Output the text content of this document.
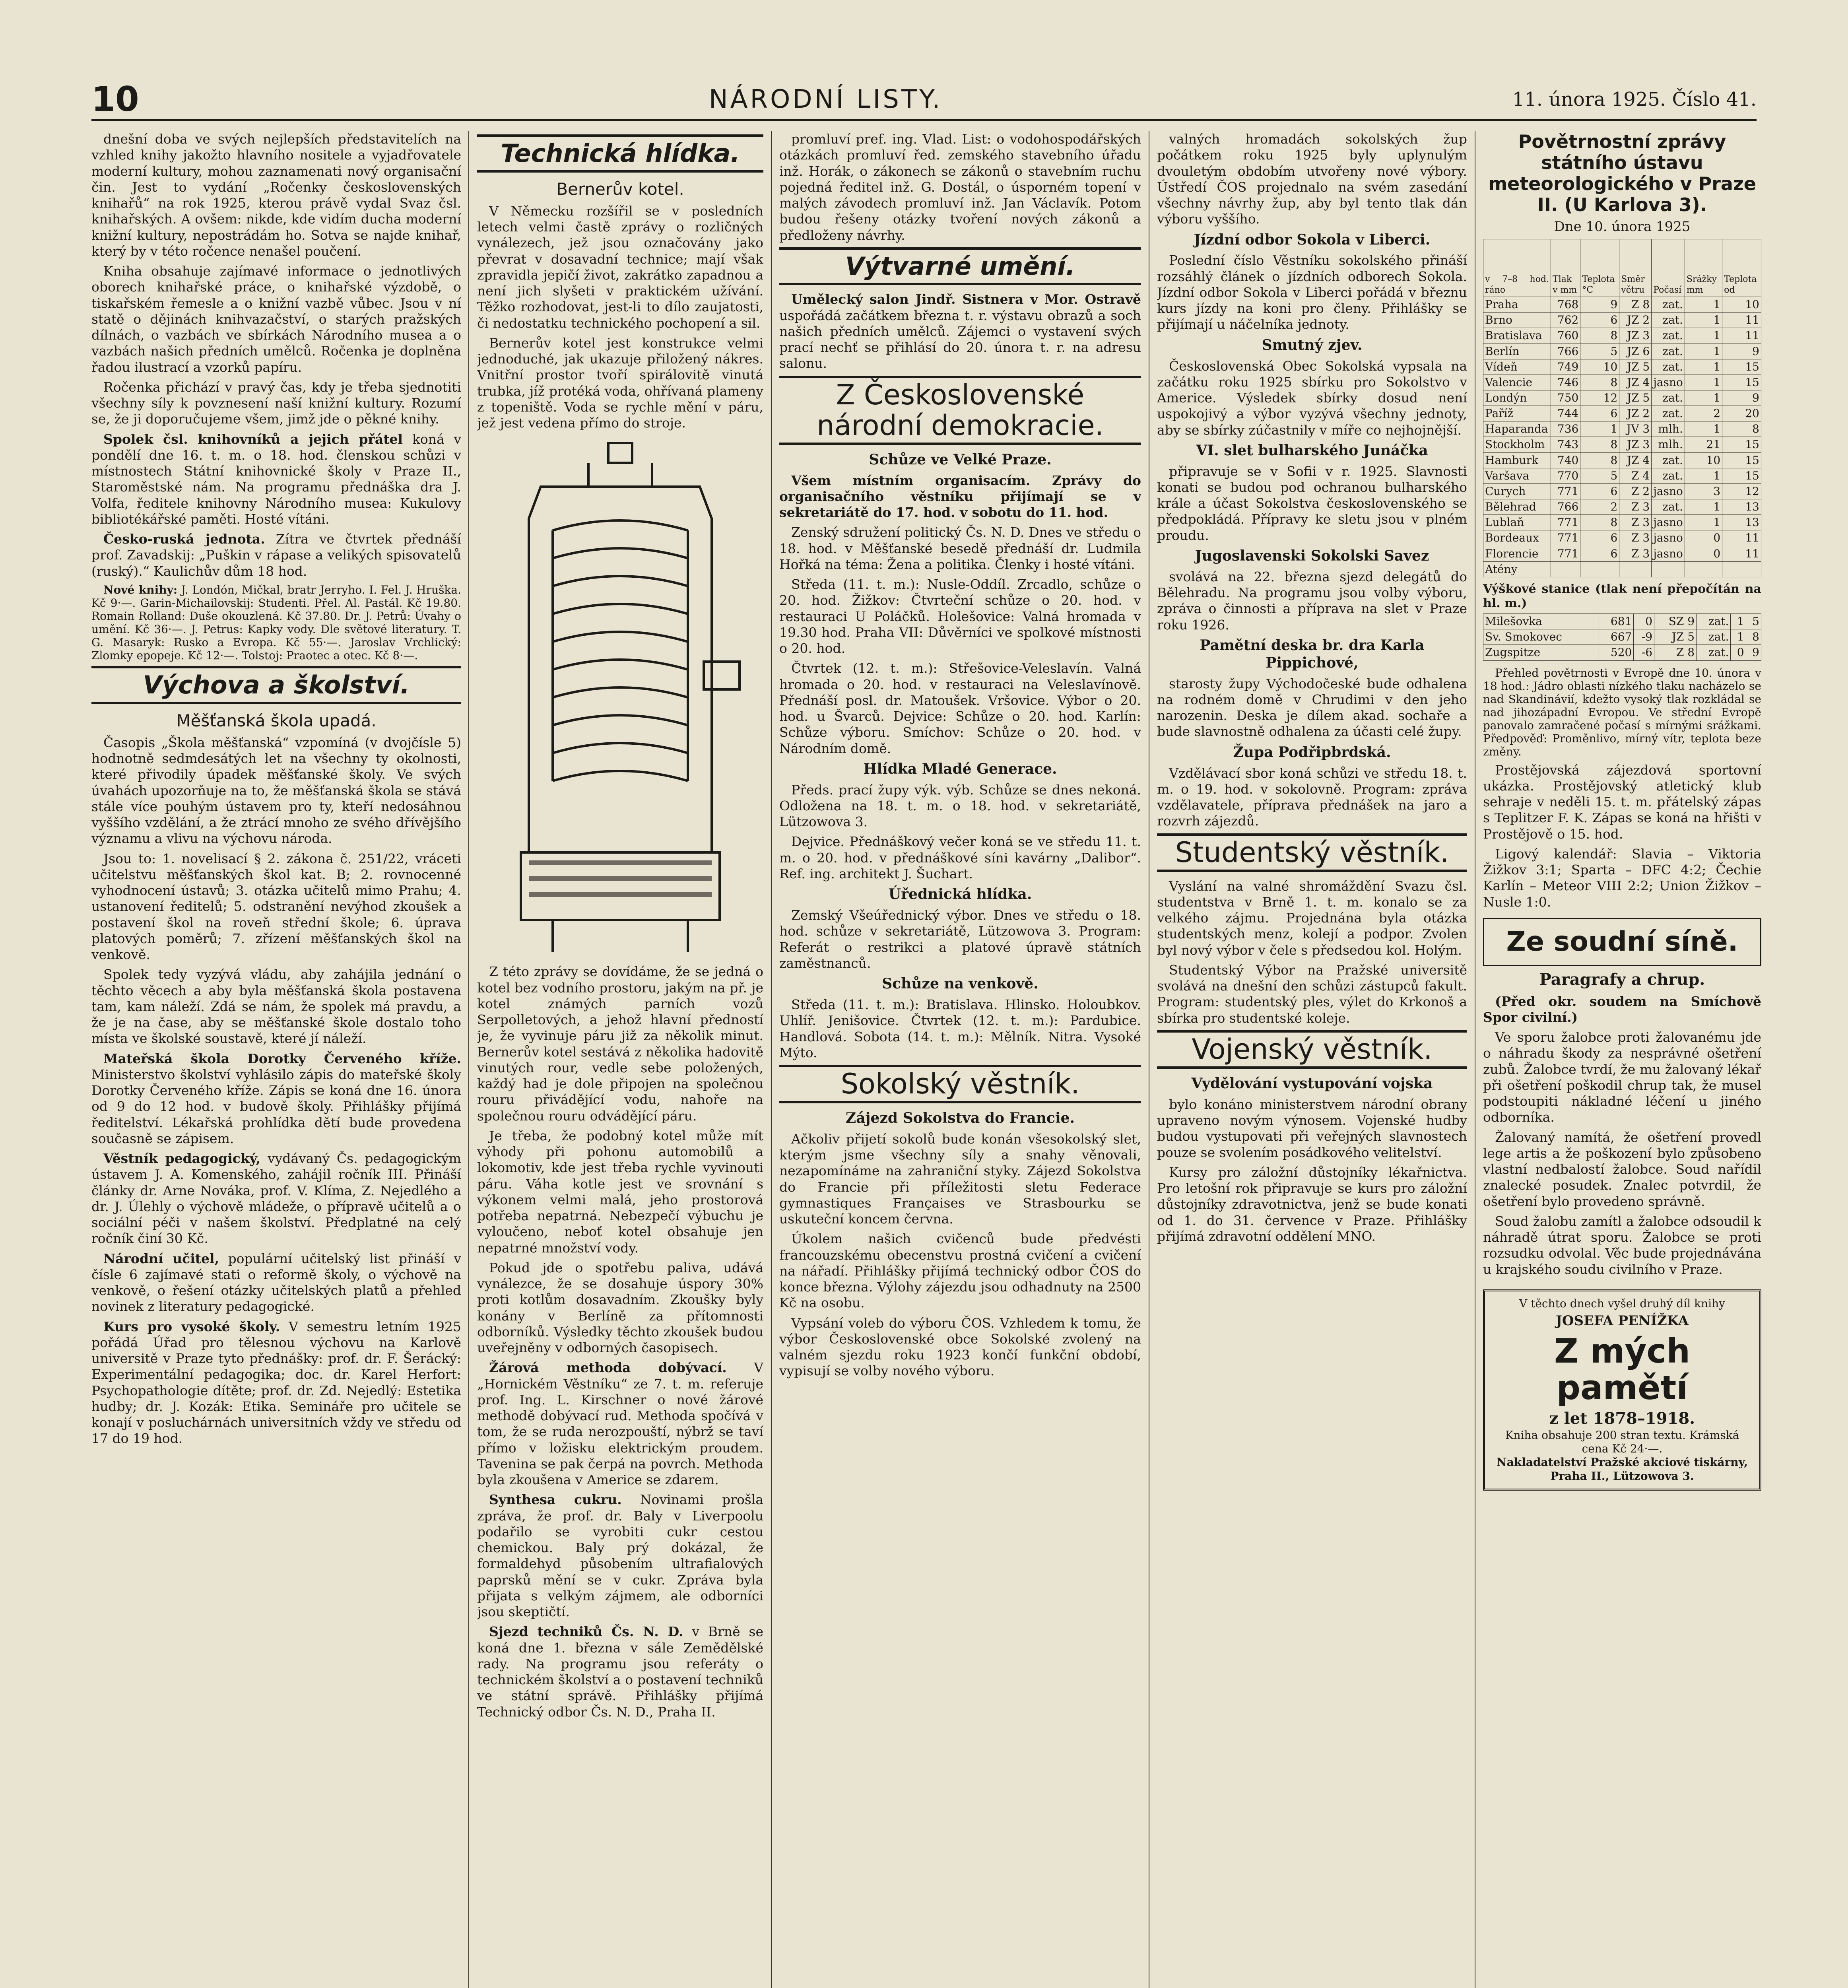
10	NÁRODNÍ LISTY.	11. února 1925. Číslo 41.

dnešní doba ve svých nejlepších představitelích na vzhled knihy jakožto hlavního nositele a vyjadřovatele moderní kultury, mohou zaznamenati nový organisační čin. Jest to vydání „Ročenky československých knihařů“ na rok 1925, kterou právě vydal Svaz čsl. knihařských. A ovšem: nikde, kde vidím ducha moderní knižní kultury, nepostrádám ho. Sotva se najde knihař, který by v této ročence nenašel poučení.

Kniha obsahuje zajímavé informace o jednotlivých oborech knihařské práce, o knihařské výzdobě, o tiskařském řemesle a o knižní vazbě vůbec. Jsou v ní statě o dějinách knihvazačství, o starých pražských dílnách, o vazbách ve sbírkách Národního musea a o vazbách našich předních umělců. Ročenka je doplněna řadou ilustrací a vzorků papíru.

Ročenka přichází v pravý čas, kdy je třeba sjednotiti všechny síly k povznesení naší knižní kultury. Rozumí se, že ji doporučujeme všem, jimž jde o pěkné knihy.

Spolek čsl. knihovníků a jejich přátel koná v pondělí dne 16. t. m. o 18. hod. členskou schůzi v místnostech Státní knihovnické školy v Praze II., Staroměstské nám. Na programu přednáška dra J. Volfa, ředitele knihovny Národního musea: Kukulovy bibliotékářské paměti. Hosté vítáni.

Česko-ruská jednota. Zítra ve čtvrtek přednáší prof. Zavadskij: „Puškin v rápase a velikých spisovatelů (ruský).“ Kaulichův dům 18 hod.

Nové knihy: J. Londón, Mičkal, bratr Jerryho. I. Fel. J. Hruška. Kč 9·—. Garin-Michailovskij: Studenti. Přel. Al. Pastál. Kč 19.80. Romain Rolland: Duše okouzlená. Kč 37.80. Dr. J. Petrů: Úvahy o umění. Kč 36·—. J. Petrus: Kapky vody. Dle světové literatury. T. G. Masaryk: Rusko a Evropa. Kč 55·—. Jaroslav Vrchlický: Zlomky epopeje. Kč 12·—. Tolstoj: Praotec a otec. Kč 8·—.

Výchova a školství.
Měšťanská škola upadá.

Časopis „Škola měšťanská“ vzpomíná (v dvojčísle 5) hodnotně sedmdesátých let na všechny ty okolnosti, které přivodily úpadek měšťanské školy. Ve svých úvahách upozorňuje na to, že měšťanská škola se stává stále více pouhým ústavem pro ty, kteří nedosáhnou vyššího vzdělání, a že ztrácí mnoho ze svého dřívějšího významu a vlivu na výchovu národa.

Jsou to: 1. novelisací § 2. zákona č. 251/22, vráceti učitelstvu měšťanských škol kat. B; 2. rovnocenné vyhodnocení ústavů; 3. otázka učitelů mimo Prahu; 4. ustanovení ředitelů; 5. odstranění nevýhod zkoušek a postavení škol na roveň střední škole; 6. úprava platových poměrů; 7. zřízení měšťanských škol na venkově.

Spolek tedy vyzývá vládu, aby zahájila jednání o těchto věcech a aby byla měšťanská škola postavena tam, kam náleží. Zdá se nám, že spolek má pravdu, a že je na čase, aby se měšťanské škole dostalo toho místa ve školské soustavě, které jí náleží.

Mateřská škola Dorotky Červeného kříže. Ministerstvo školství vyhlásilo zápis do mateřské školy Dorotky Červeného kříže. Zápis se koná dne 16. února od 9 do 12 hod. v budově školy. Přihlášky přijímá ředitelství. Lékařská prohlídka dětí bude provedena současně se zápisem.

Věstník pedagogický, vydávaný Čs. pedagogickým ústavem J. A. Komenského, zahájil ročník III. Přináší články dr. Arne Nováka, prof. V. Klíma, Z. Nejedlého a dr. J. Úlehly o výchově mládeže, o přípravě učitelů a o sociální péči v našem školství. Předplatné na celý ročník činí 30 Kč.

Národní učitel, populární učitelský list přináší v čísle 6 zajímavé stati o reformě školy, o výchově na venkově, o řešení otázky učitelských platů a přehled novinek z literatury pedagogické.

Kurs pro vysoké školy. V semestru letním 1925 pořádá Úřad pro tělesnou výchovu na Karlově universitě v Praze tyto přednášky: prof. dr. F. Šerácký: Experimentální pedagogika; doc. dr. Karel Herfort: Psychopathologie dítěte; prof. dr. Zd. Nejedlý: Estetika hudby; dr. J. Kozák: Etika. Semináře pro učitele se konají v posluchárnách universitních vždy ve středu od 17 do 19 hod.

Technická hlídka.
Bernerův kotel.

V Německu rozšířil se v posledních letech velmi častě zprávy o rozličných vynálezech, jež jsou označovány jako převrat v dosavadní technice; mají však zpravidla jepičí život, zakrátko zapadnou a není jich slyšeti v praktickém užívání. Těžko rozhodovat, jest-li to dílo zaujatosti, či nedostatku technického pochopení a sil.

Bernerův kotel jest konstrukce velmi jednoduché, jak ukazuje přiložený nákres. Vnitřní prostor tvoří spirálovitě vinutá trubka, jíž protéká voda, ohřívaná plameny z topeniště. Voda se rychle mění v páru, jež jest vedena přímo do stroje.

Z této zprávy se dovídáme, že se jedná o kotel bez vodního prostoru, jakým na př. je kotel známých parních vozů Serpolletových, a jehož hlavní předností je, že vyvinuje páru již za několik minut. Bernerův kotel sestává z několika hadovitě vinutých rour, vedle sebe položených, každý had je dole připojen na společnou rouru přivádějící vodu, nahoře na společnou rouru odvádějící páru.

Je třeba, že podobný kotel může mít výhody při pohonu automobilů a lokomotiv, kde jest třeba rychle vyvinouti páru. Váha kotle jest ve srovnání s výkonem velmi malá, jeho prostorová potřeba nepatrná. Nebezpečí výbuchu je vyloučeno, neboť kotel obsahuje jen nepatrné množství vody.

Pokud jde o spotřebu paliva, udává vynálezce, že se dosahuje úspory 30% proti kotlům dosavadním. Zkoušky byly konány v Berlíně za přítomnosti odborníků. Výsledky těchto zkoušek budou uveřejněny v odborných časopisech.

Žárová methoda dobývací. V „Hornickém Věstníku“ ze 7. t. m. referuje prof. Ing. L. Kirschner o nové žárové methodě dobývací rud. Methoda spočívá v tom, že se ruda nerozpouští, nýbrž se taví přímo v ložisku elektrickým proudem. Tavenina se pak čerpá na povrch. Methoda byla zkoušena v Americe se zdarem.

Synthesa cukru. Novinami prošla zpráva, že prof. dr. Baly v Liverpoolu podařilo se vyrobiti cukr cestou chemickou. Baly prý dokázal, že formaldehyd působením ultrafialových paprsků mění se v cukr. Zpráva byla přijata s velkým zájmem, ale odborníci jsou skeptičtí.

Sjezd techniků Čs. N. D. v Brně se koná dne 1. března v sále Zemědělské rady. Na programu jsou referáty o technickém školství a o postavení techniků ve státní správě. Přihlášky přijímá Technický odbor Čs. N. D., Praha II.

promluví pref. ing. Vlad. List: o vodohospodářských otázkách promluví řed. zemského stavebního úřadu inž. Horák, o zákonech se zákonů o stavebním ruchu pojedná ředitel inž. G. Dostál, o úsporném topení v malých závodech promluví inž. Jan Václavík. Potom budou řešeny otázky tvoření nových zákonů a předloženy návrhy.

Výtvarné umění.

Umělecký salon Jindř. Sistnera v Mor. Ostravě uspořádá začátkem března t. r. výstavu obrazů a soch našich předních umělců. Zájemci o vystavení svých prací nechť se přihlásí do 20. února t. r. na adresu salonu.

Z Československé národní demokracie.
Schůze ve Velké Praze.

Všem místním organisacím. Zprávy do organisačního věstníku přijímají se v sekretariátě do 17. hod. v sobotu do 11. hod.

Zenský sdružení politický Čs. N. D. Dnes ve středu o 18. hod. v Měšťanské besedě přednáší dr. Ludmila Hořká na téma: Žena a politika. Členky i hosté vítáni.

Středa (11. t. m.): Nusle-Oddíl. Zrcadlo, schůze o 20. hod. Žižkov: Čtvrteční schůze o 20. hod. v restauraci U Poláčků. Holešovice: Valná hromada v 19.30 hod. Praha VII: Důvěrníci ve spolkové místnosti o 20. hod.

Čtvrtek (12. t. m.): Střešovice-Veleslavín. Valná hromada o 20. hod. v restauraci na Veleslavínově. Přednáší posl. dr. Matoušek. Vršovice. Výbor o 20. hod. u Švarců. Dejvice: Schůze o 20. hod. Karlín: Schůze výboru. Smíchov: Schůze o 20. hod. v Národním domě.

Hlídka Mladé Generace.

Předs. prací župy výk. výb. Schůze se dnes nekoná. Odložena na 18. t. m. o 18. hod. v sekretariátě, Lützowova 3.

Dejvice. Přednáškový večer koná se ve středu 11. t. m. o 20. hod. v přednáškové síni kavárny „Dalibor“. Ref. ing. architekt J. Šuchart.

Úřednická hlídka.

Zemský Všeúřednický výbor. Dnes ve středu o 18. hod. schůze v sekretariátě, Lützowova 3. Program: Referát o restrikci a platové úpravě státních zaměstnanců.

Schůze na venkově.

Středa (11. t. m.): Bratislava. Hlinsko. Holoubkov. Uhlíř. Jenišovice. Čtvrtek (12. t. m.): Pardubice. Handlová. Sobota (14. t. m.): Mělník. Nitra. Vysoké Mýto.

Sokolský věstník.
Zájezd Sokolstva do Francie.

Ačkoliv přijetí sokolů bude konán všesokolský slet, kterým jsme všechny síly a snahy věnovali, nezapomínáme na zahraniční styky. Zájezd Sokolstva do Francie při příležitosti sletu Federace gymnastiques Françaises ve Strasbourku se uskuteční koncem června.

Úkolem našich cvičenců bude předvésti francouzskému obecenstvu prostná cvičení a cvičení na nářadí. Přihlášky přijímá technický odbor ČOS do konce března. Výlohy zájezdu jsou odhadnuty na 2500 Kč na osobu.

Vypsání voleb do výboru ČOS. Vzhledem k tomu, že výbor Československé obce Sokolské zvolený na valném sjezdu roku 1923 končí funkční období, vypisují se volby nového výboru.

valných hromadách sokolských žup počátkem roku 1925 byly uplynulým dvouletým obdobím utvořeny nové výbory. Ústředí ČOS projednalo na svém zasedání všechny návrhy žup, aby byl tento tlak dán výboru vyššího.

Jízdní odbor Sokola v Liberci.

Poslední číslo Věstníku sokolského přináší rozsáhlý článek o jízdních odborech Sokola. Jízdní odbor Sokola v Liberci pořádá v březnu kurs jízdy na koni pro členy. Přihlášky se přijímají u náčelníka jednoty.

Smutný zjev.

Československá Obec Sokolská vypsala na začátku roku 1925 sbírku pro Sokolstvo v Americe. Výsledek sbírky dosud není uspokojivý a výbor vyzývá všechny jednoty, aby se sbírky zúčastnily v míře co nejhojnější.

VI. slet bulharského Junáčka

připravuje se v Sofii v r. 1925. Slavnosti konati se budou pod ochranou bulharského krále a účast Sokolstva československého se předpokládá. Přípravy ke sletu jsou v plném proudu.

Jugoslavenski Sokolski Savez

svolává na 22. března sjezd delegátů do Bělehradu. Na programu jsou volby výboru, zpráva o činnosti a příprava na slet v Praze roku 1926.

Pamětní deska br. dra Karla Pippichové,

starosty župy Východočeské bude odhalena na rodném domě v Chrudimi v den jeho narozenin. Deska je dílem akad. sochaře a bude slavnostně odhalena za účasti celé župy.

Župa Podřipbrdská.

Vzdělávací sbor koná schůzi ve středu 18. t. m. o 19. hod. v sokolovně. Program: zpráva vzdělavatele, příprava přednášek na jaro a rozvrh zájezdů.

Studentský věstník.

Vyslání na valné shromáždění Svazu čsl. studentstva v Brně 1. t. m. konalo se za velkého zájmu. Projednána byla otázka studentských menz, kolejí a podpor. Zvolen byl nový výbor v čele s předsedou kol. Holým.

Studentský Výbor na Pražské universitě svolává na dnešní den schůzi zástupců fakult. Program: studentský ples, výlet do Krkonoš a sbírka pro studentské koleje.

Vojenský věstník.
Vydělování vystupování vojska

bylo konáno ministerstvem národní obrany upraveno novým výnosem. Vojenské hudby budou vystupovati při veřejných slavnostech pouze se svolením posádkového velitelství.

Kursy pro záložní důstojníky lékařnictva. Pro letošní rok připravuje se kurs pro záložní důstojníky zdravotnictva, jenž se bude konati od 1. do 31. července v Praze. Přihlášky přijímá zdravotní oddělení MNO.

Povětrnostní zprávy státního ústavu meteorologického v Praze II. (U Karlova 3).
Dne 10. února 1925
v 7–8 hod. ráno	Tlak v mm	Teplota °C	Směr větru	Počasí	Srážky mm	Teplota od
Praha	768	9	Z 8	zat.	1	10
Brno	762	6	JZ 2	zat.	1	11
Bratislava	760	8	JZ 3	zat.	1	11
Berlín	766	5	JZ 6	zat.	1	9
Vídeň	749	10	JZ 5	zat.	1	15
Valencie	746	8	JZ 4	jasno	1	15
Londýn	750	12	JZ 5	zat.	1	9
Paříž	744	6	JZ 2	zat.	2	20
Haparanda	736	1	JV 3	mlh.	1	8
Stockholm	743	8	JZ 3	mlh.	21	15
Hamburk	740	8	JZ 4	zat.	10	15
Varšava	770	5	Z 4	zat.	1	15
Curych	771	6	Z 2	jasno	3	12
Bělehrad	766	2	Z 3	zat.	1	13
Lublaň	771	8	Z 3	jasno	1	13
Bordeaux	771	6	Z 3	jasno	0	11
Florencie	771	6	Z 3	jasno	0	11
Atény						
Výškové stanice (tlak není přepočítán na hl. m.)
Milešovka	681	0	SZ 9	zat.	1	5
Sv. Smokovec	667	-9	JZ 5	zat.	1	8
Zugspitze	520	-6	Z 8	zat.	0	9

Přehled povětrnosti v Evropě dne 10. února v 18 hod.: Jádro oblasti nízkého tlaku nacházelo se nad Skandinávií, kdežto vysoký tlak rozkládal se nad jihozápadní Evropou. Ve střední Evropě panovalo zamračené počasí s mírnými srážkami. Předpověď: Proměnlivo, mírný vítr, teplota beze změny.

Prostějovská zájezdová sportovní ukázka. Prostějovský atletický klub sehraje v neděli 15. t. m. přátelský zápas s Teplitzer F. K. Zápas se koná na hřišti v Prostějově o 15. hod.

Ligový kalendář: Slavia – Viktoria Žižkov 3:1; Sparta – DFC 4:2; Čechie Karlín – Meteor VIII 2:2; Union Žižkov – Nusle 1:0.

Ze soudní síně.
Paragrafy a chrup.

(Před okr. soudem na Smíchově Spor civilní.)

Ve sporu žalobce proti žalovanému jde o náhradu škody za nesprávné ošetření zubů. Žalobce tvrdí, že mu žalovaný lékař při ošetření poškodil chrup tak, že musel podstoupiti nákladné léčení u jiného odborníka.

Žalovaný namítá, že ošetření provedl lege artis a že poškození bylo způsobeno vlastní nedbalostí žalobce. Soud nařídil znalecké posudek. Znalec potvrdil, že ošetření bylo provedeno správně.

Soud žalobu zamítl a žalobce odsoudil k náhradě útrat sporu. Žalobce se proti rozsudku odvolal. Věc bude projednávána u krajského soudu civilního v Praze.

V těchto dnech vyšel druhý díl knihy
JOSEFA PENÍŽKA
Z mých pamětí
z let 1878–1918.
Kniha obsahuje 200 stran textu. Krámská cena Kč 24·—.
Nakladatelství Pražské akciové tiskárny, Praha II., Lützowova 3.
